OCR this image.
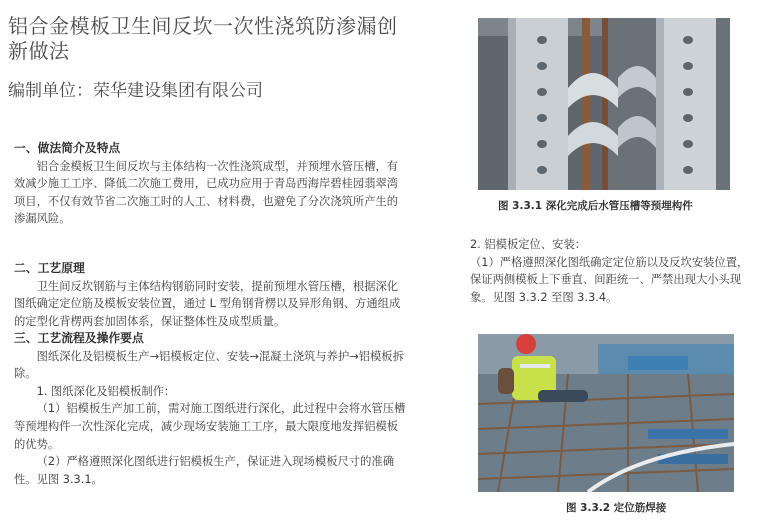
铝合金模板卫生间反坎一次性浇筑防渗漏创新做法
编制单位：荣华建设集团有限公司
一、做法简介及特点
铝合金模板卫生间反坎与主体结构一次性浇筑成型，并预埋水管压槽，有效减少施工工序、降低二次施工费用，已成功应用于青岛西海岸碧桂园翡翠湾项目，不仅有效节省二次施工时的人工、材料费，也避免了分次浇筑所产生的渗漏风险。
二、工艺原理
卫生间反坎钢筋与主体结构钢筋同时安装，提前预埋水管压槽，根据深化图纸确定定位筋及模板安装位置，通过 L 型角钢背楞以及异形角钢、方通组成的定型化背楞两套加固体系，保证整体性及成型质量。
三、工艺流程及操作要点
图纸深化及铝模板生产→铝模板定位、安装→混凝土浇筑与养护→铝模板拆除。
1. 图纸深化及铝模板制作：
（1）铝模板生产加工前，需对施工图纸进行深化，此过程中会将水管压槽等预埋构件一次性深化完成，减少现场安装施工工序，最大限度地发挥铝模板的优势。
（2）严格遵照深化图纸进行铝模板生产，保证进入现场模板尺寸的准确性。见图 3.3.1。
图 3.3.1 深化完成后水管压槽等预埋构件
2. 铝模板定位、安装：
（1）严格遵照深化图纸确定定位筋以及反坎安装位置，保证两侧模板上下垂直、间距统一、严禁出现大小头现象。见图 3.3.2 至图 3.3.4。
图 3.3.2 定位筋焊接
